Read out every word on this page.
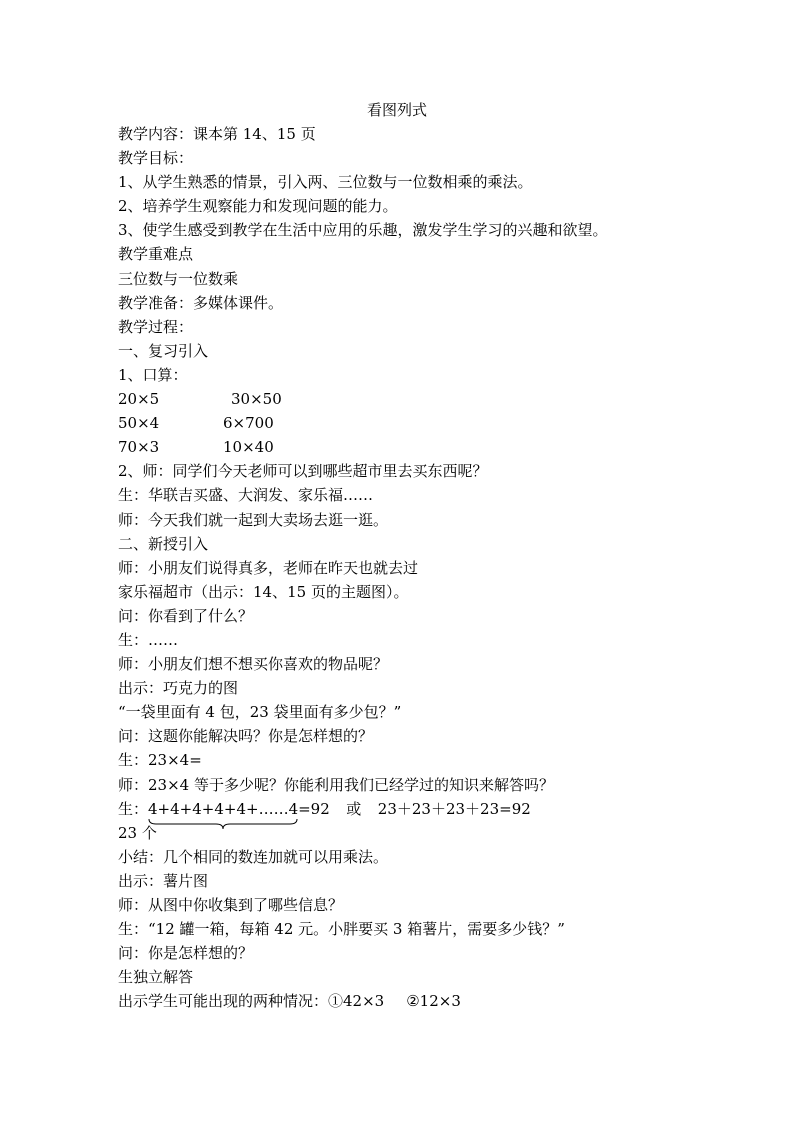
看图列式
教学内容：课本第 14、15 页
教学目标：
1、从学生熟悉的情景，引入两、三位数与一位数相乘的乘法。
2、培养学生观察能力和发现问题的能力。
3、使学生感受到教学在生活中应用的乐趣，激发学生学习的兴趣和欲望。
教学重难点
三位数与一位数乘
教学准备：多媒体课件。
教学过程：
一、复习引入
1、口算：
20×5	30×50
50×4	6×700
70×3	10×40
2、师：同学们今天老师可以到哪些超市里去买东西呢？
生：华联吉买盛、大润发、家乐福……
师：今天我们就一起到大卖场去逛一逛。
二、新授引入
师：小朋友们说得真多，老师在昨天也就去过
家乐福超市（出示：14、15 页的主题图）。
问：你看到了什么？
生：……
师：小朋友们想不想买你喜欢的物品呢？
出示：巧克力的图
“一袋里面有 4 包，23 袋里面有多少包？”
问：这题你能解决吗？你是怎样想的？
生：23×4=
师：23×4 等于多少呢？你能利用我们已经学过的知识来解答吗？
生：4+4+4+4+4+……4=92 或 23＋23＋23＋23=92
23 个
小结：几个相同的数连加就可以用乘法。
出示：薯片图
师：从图中你收集到了哪些信息？
生：“12 罐一箱，每箱 42 元。小胖要买 3 箱薯片，需要多少钱？”
问：你是怎样想的？
生独立解答
出示学生可能出现的两种情况：①42×3 ②12×3
